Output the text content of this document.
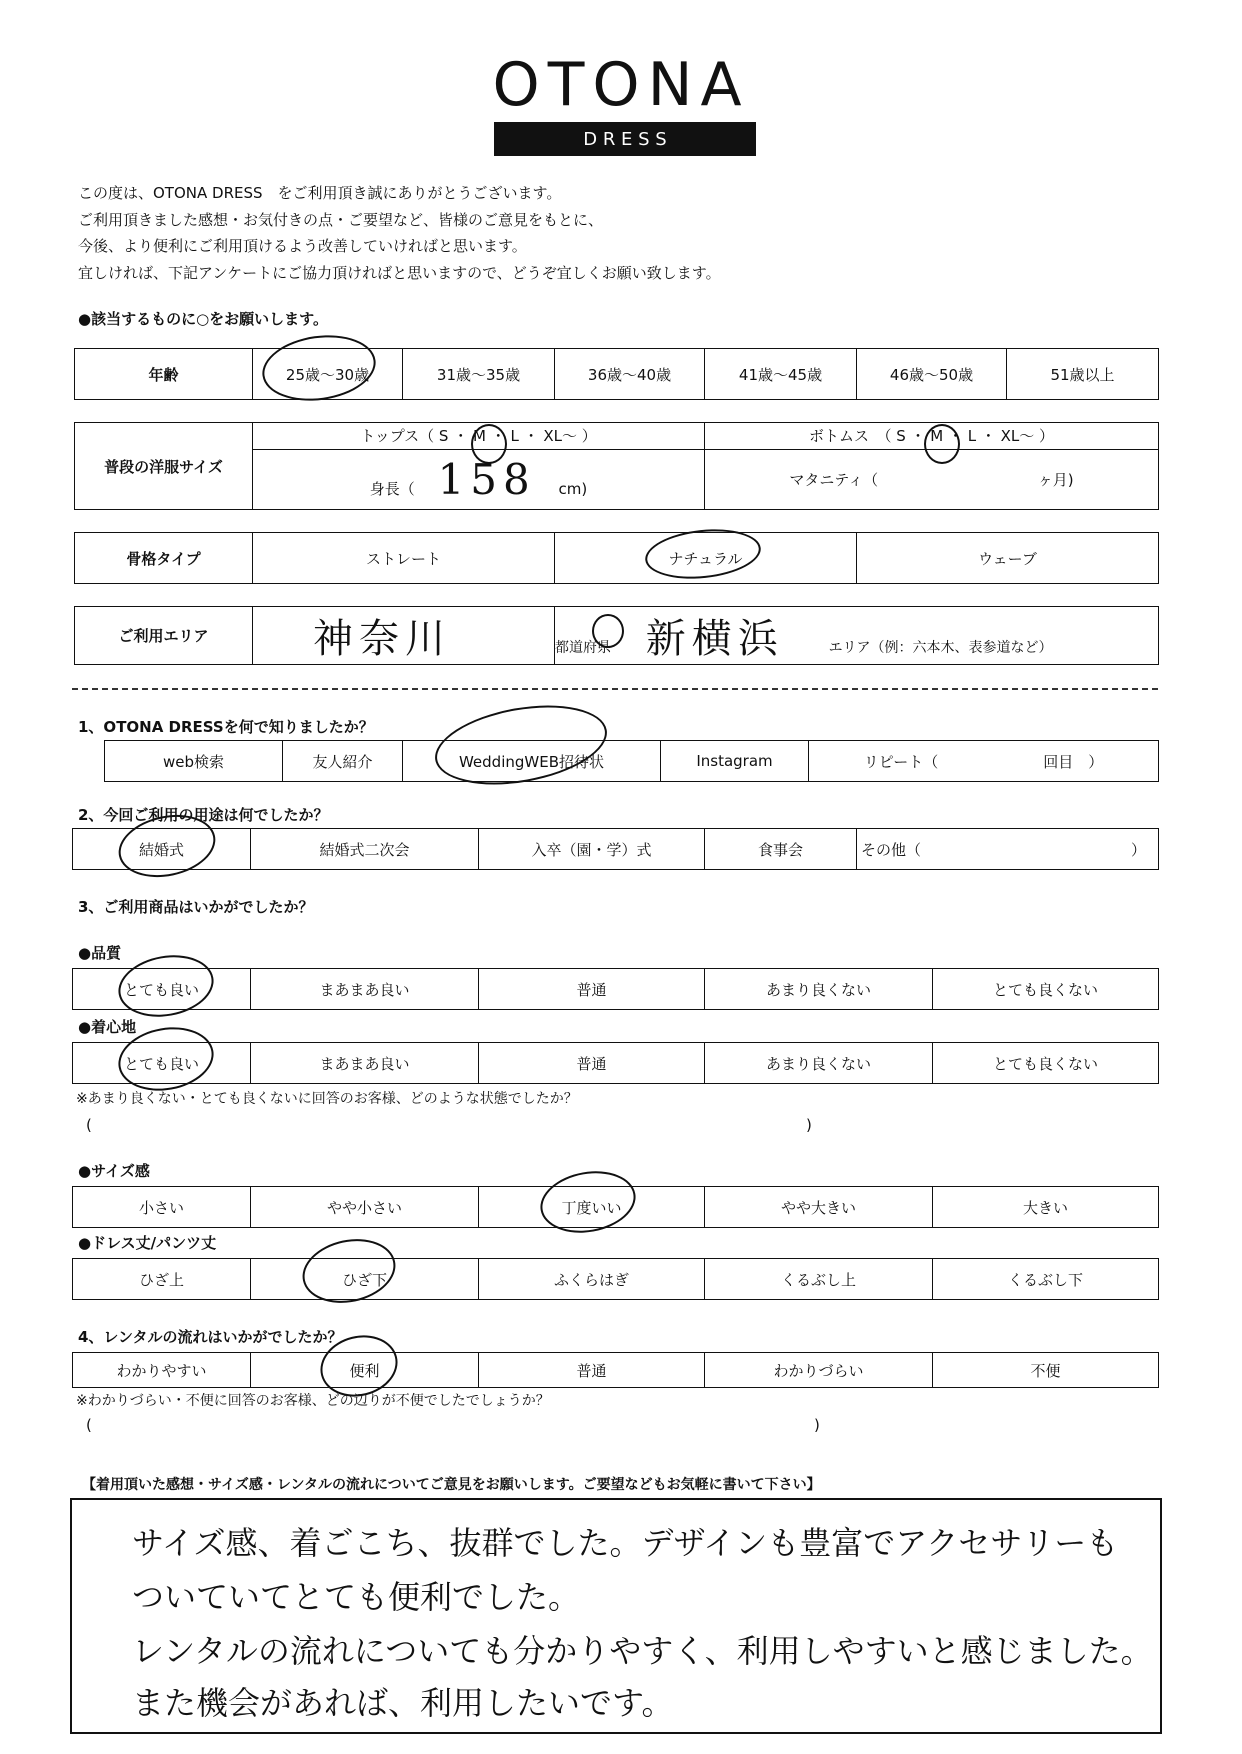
OTONA
D R E S S
この度は、OTONA DRESS　をご利用頂き誠にありがとうございます。
ご利用頂きました感想・お気付きの点・ご要望など、皆様のご意見をもとに、
今後、より便利にご利用頂けるよう改善していければと思います。
宜しければ、下記アンケートにご協力頂ければと思いますので、どうぞ宜しくお願い致します。
●該当するものに○をお願いします。
年齢	25歳～30歳	31歳～35歳	36歳～40歳	41歳～45歳	46歳～50歳	51歳以上
普段の洋服サイズ	トップス（ S ・ M ・ L ・ XL～ ）	ボトムス　（ S ・ M ・ L ・ XL～ ）
	身長（ 158 cm)	マタニティ（ ヶ月)
骨格タイプ	ストレート	ナチュラル	ウェーブ
ご利用エリア	神奈川	都道府県 新横浜	エリア（例：六本木、表参道など）
1、OTONA DRESSを何で知りましたか？
web検索	友人紹介	WeddingWEB招待状	Instagram	リピート（　　　　　　　回目　）
2、今回ご利用の用途は何でしたか？
結婚式	結婚式二次会	入卒（園・学）式	食事会	その他（　　　　　　　　　　　　　　）
3、ご利用商品はいかがでしたか？
●品質
とても良い	まあまあ良い	普通	あまり良くない	とても良くない
●着心地
とても良い	まあまあ良い	普通	あまり良くない	とても良くない
※あまり良くない・とても良くないに回答のお客様、どのような状態でしたか？
(	)
●サイズ感
小さい	やや小さい	丁度いい	やや大きい	大きい
●ドレス丈/パンツ丈
ひざ上	ひざ下	ふくらはぎ	くるぶし上	くるぶし下
4、レンタルの流れはいかがでしたか？
わかりやすい	便利	普通	わかりづらい	不便
※わかりづらい・不便に回答のお客様、どの辺りが不便でしたでしょうか？
(	)
【着用頂いた感想・サイズ感・レンタルの流れについてご意見をお願いします。ご要望などもお気軽に書いて下さい】
サイズ感、着ごこち、抜群でした。デザインも豊富でアクセサリーも
ついていてとても便利でした。
レンタルの流れについても分かりやすく、利用しやすいと感じました。
また機会があれば、利用したいです。
